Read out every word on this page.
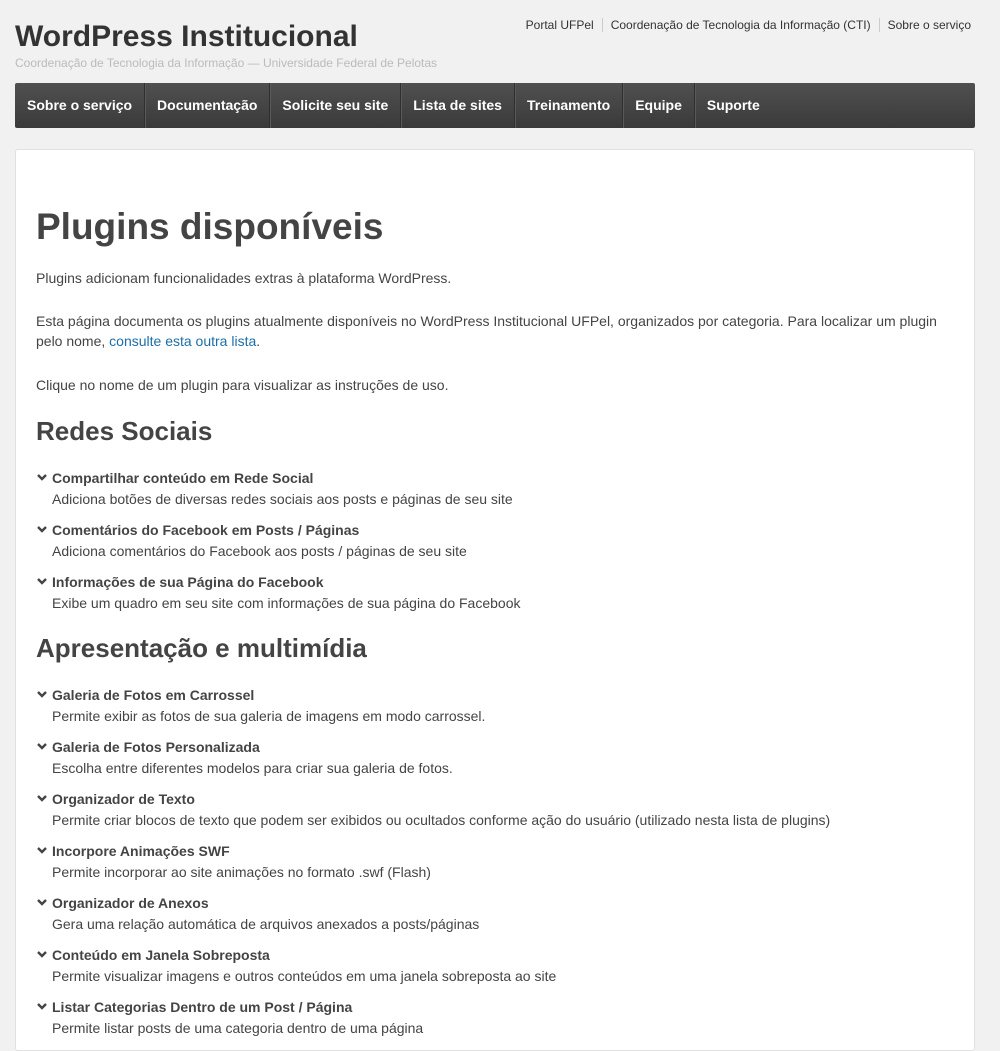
WordPress Institucional
Coordenação de Tecnologia da Informação — Universidade Federal de Pelotas
Portal UFPel	Coordenação de Tecnologia da Informação (CTI)	Sobre o serviço
Sobre o serviço	Documentação	Solicite seu site	Lista de sites	Treinamento	Equipe	Suporte
Plugins disponíveis

Plugins adicionam funcionalidades extras à plataforma WordPress.

Esta página documenta os plugins atualmente disponíveis no WordPress Institucional UFPel, organizados por categoria. Para localizar um plugin pelo nome, consulte esta outra lista.

Clique no nome de um plugin para visualizar as instruções de uso.

Redes Sociais
Compartilhar conteúdo em Rede Social
Adiciona botões de diversas redes sociais aos posts e páginas de seu site
Comentários do Facebook em Posts / Páginas
Adiciona comentários do Facebook aos posts / páginas de seu site
Informações de sua Página do Facebook
Exibe um quadro em seu site com informações de sua página do Facebook
Apresentação e multimídia
Galeria de Fotos em Carrossel
Permite exibir as fotos de sua galeria de imagens em modo carrossel.
Galeria de Fotos Personalizada
Escolha entre diferentes modelos para criar sua galeria de fotos.
Organizador de Texto
Permite criar blocos de texto que podem ser exibidos ou ocultados conforme ação do usuário (utilizado nesta lista de plugins)
Incorpore Animações SWF
Permite incorporar ao site animações no formato .swf (Flash)
Organizador de Anexos
Gera uma relação automática de arquivos anexados a posts/páginas
Conteúdo em Janela Sobreposta
Permite visualizar imagens e outros conteúdos em uma janela sobreposta ao site
Listar Categorias Dentro de um Post / Página
Permite listar posts de uma categoria dentro de uma página
